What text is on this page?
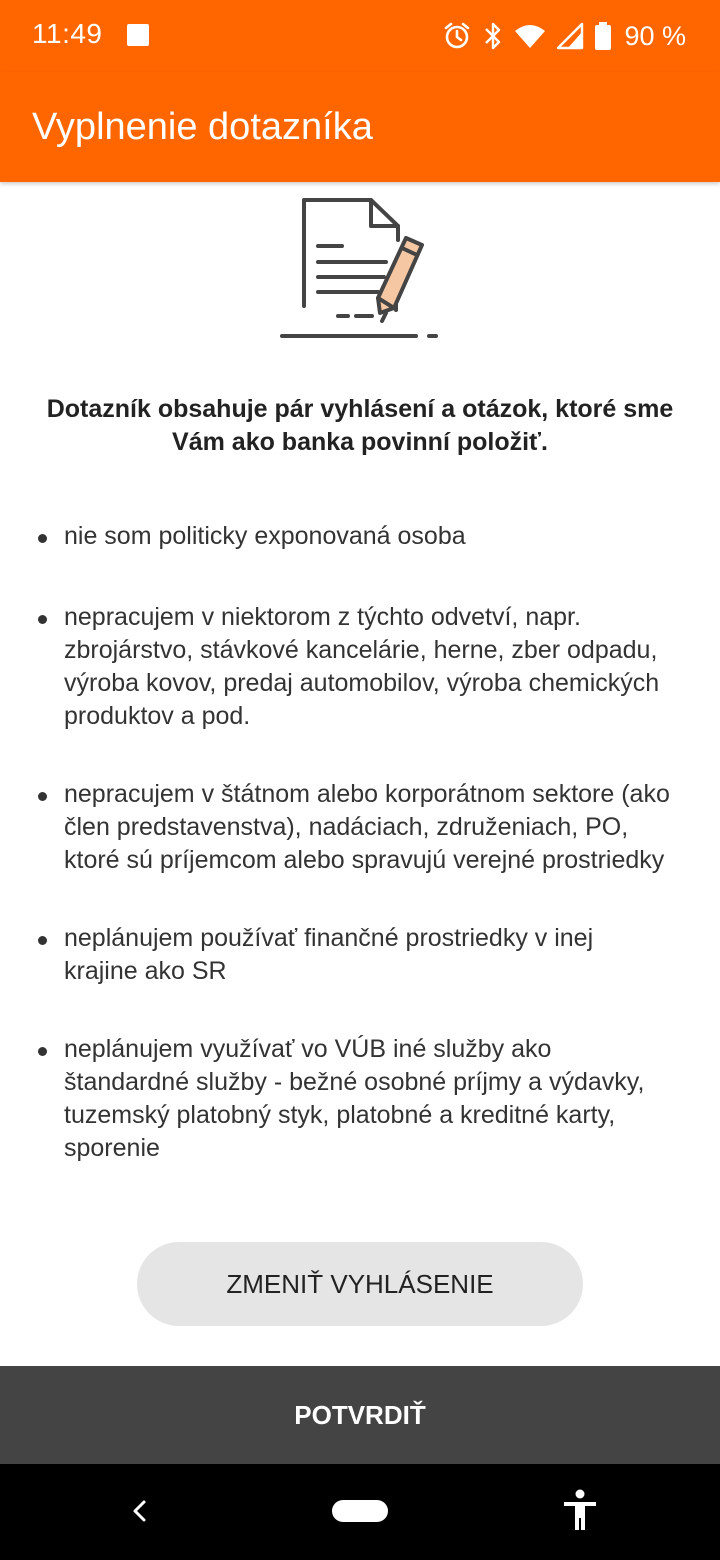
11:49	90 %
Vyplnenie dotazníka
Dotazník obsahuje pár vyhlásení a otázok, ktoré sme Vám ako banka povinní položiť.
nie som politicky exponovaná osoba
nepracujem v niektorom z týchto odvetví, napr. zbrojárstvo, stávkové kancelárie, herne, zber odpadu, výroba kovov, predaj automobilov, výroba chemických produktov a pod.
nepracujem v štátnom alebo korporátnom sektore (ako člen predstavenstva), nadáciach, združeniach, PO, ktoré sú príjemcom alebo spravujú verejné prostriedky
neplánujem používať finančné prostriedky v inej krajine ako SR
neplánujem využívať vo VÚB iné služby ako štandardné služby - bežné osobné príjmy a výdavky, tuzemský platobný styk, platobné a kreditné karty, sporenie
ZMENIŤ VYHLÁSENIE
POTVRDIŤ
